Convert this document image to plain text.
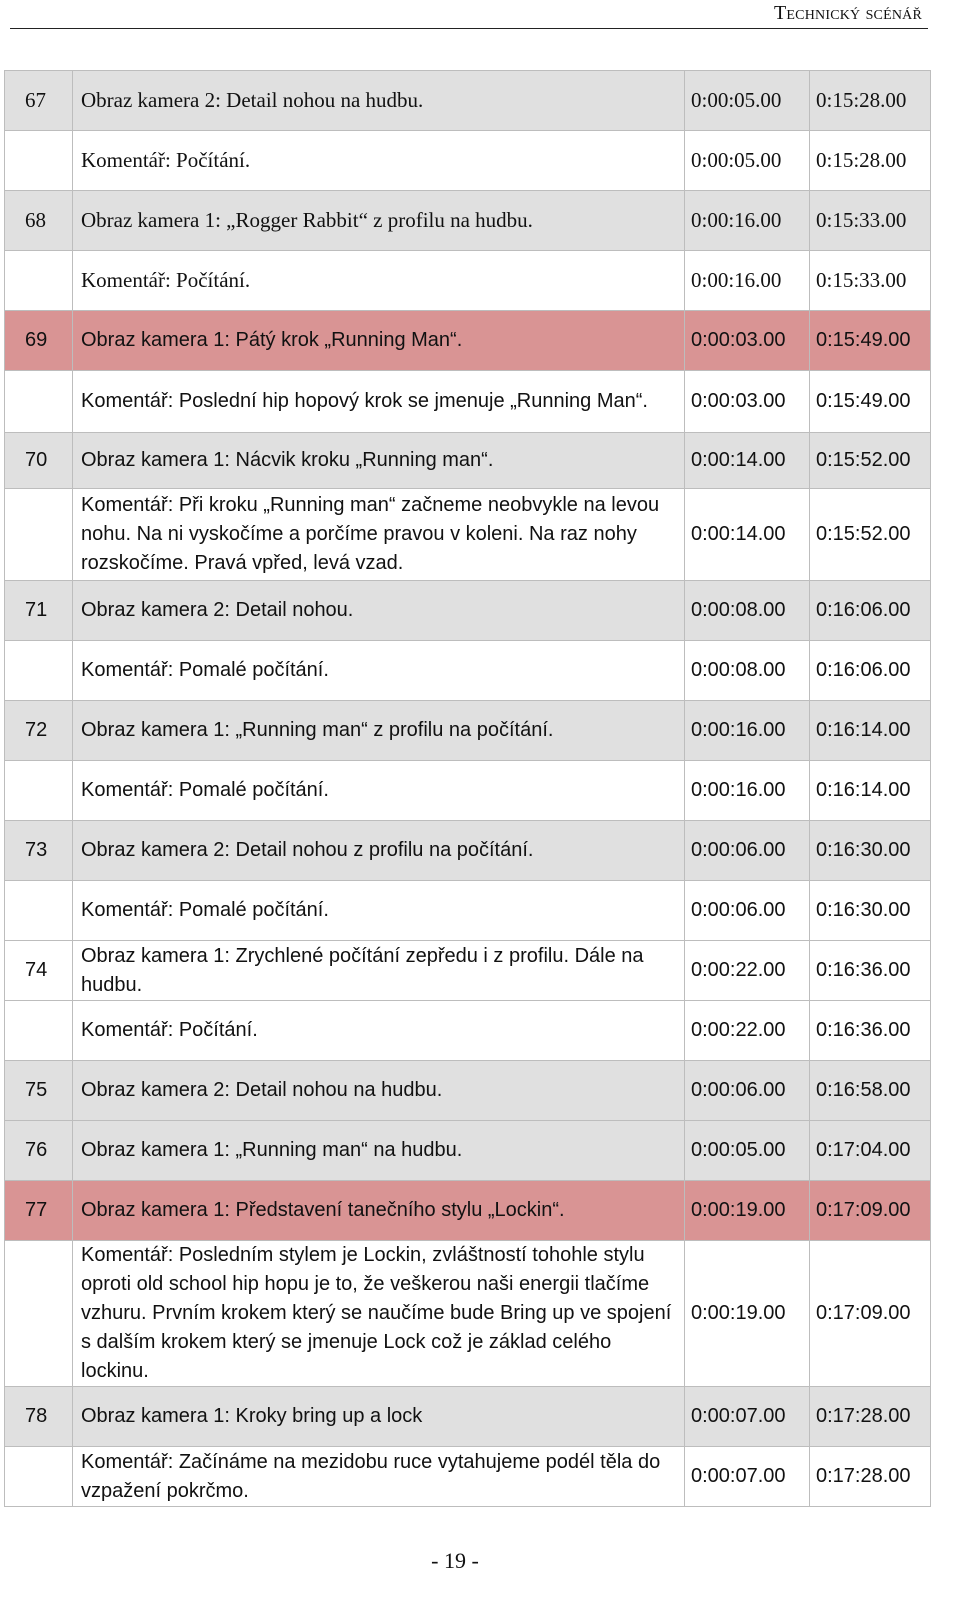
Technický scénář
67	Obraz kamera 2: Detail nohou na hudbu.	0:00:05.00	0:15:28.00
	Komentář: Počítání.	0:00:05.00	0:15:28.00
68	Obraz kamera 1: „Rogger Rabbit“ z profilu na hudbu.	0:00:16.00	0:15:33.00
	Komentář: Počítání.	0:00:16.00	0:15:33.00
69	Obraz kamera 1: Pátý krok „Running Man“.	0:00:03.00	0:15:49.00
	Komentář: Poslední hip hopový krok se jmenuje „Running Man“.	0:00:03.00	0:15:49.00
70	Obraz kamera 1: Nácvik kroku „Running man“.	0:00:14.00	0:15:52.00
	Komentář: Při kroku „Running man“ začneme neobvykle na levou nohu. Na ni vyskočíme a porčíme pravou v koleni. Na raz nohy rozskočíme. Pravá vpřed, levá vzad.	0:00:14.00	0:15:52.00
71	Obraz kamera 2: Detail nohou.	0:00:08.00	0:16:06.00
	Komentář: Pomalé počítání.	0:00:08.00	0:16:06.00
72	Obraz kamera 1: „Running man“ z profilu na počítání.	0:00:16.00	0:16:14.00
	Komentář: Pomalé počítání.	0:00:16.00	0:16:14.00
73	Obraz kamera 2: Detail nohou z profilu na počítání.	0:00:06.00	0:16:30.00
	Komentář: Pomalé počítání.	0:00:06.00	0:16:30.00
74	Obraz kamera 1: Zrychlené počítání zepředu i z profilu. Dále na hudbu.	0:00:22.00	0:16:36.00
	Komentář: Počítání.	0:00:22.00	0:16:36.00
75	Obraz kamera 2: Detail nohou na hudbu.	0:00:06.00	0:16:58.00
76	Obraz kamera 1: „Running man“ na hudbu.	0:00:05.00	0:17:04.00
77	Obraz kamera 1: Představení tanečního stylu „Lockin“.	0:00:19.00	0:17:09.00
	Komentář: Posledním stylem je Lockin, zvláštností tohohle stylu oproti old school hip hopu je to, že veškerou naši energii tlačíme vzhuru. Prvním krokem který se naučíme bude Bring up ve spojení s dalším krokem který se jmenuje Lock což je základ celého lockinu.	0:00:19.00	0:17:09.00
78	Obraz kamera 1: Kroky bring up a lock	0:00:07.00	0:17:28.00
	Komentář: Začínáme na mezidobu ruce vytahujeme podél těla do vzpažení pokrčmo.	0:00:07.00	0:17:28.00
- 19 -
